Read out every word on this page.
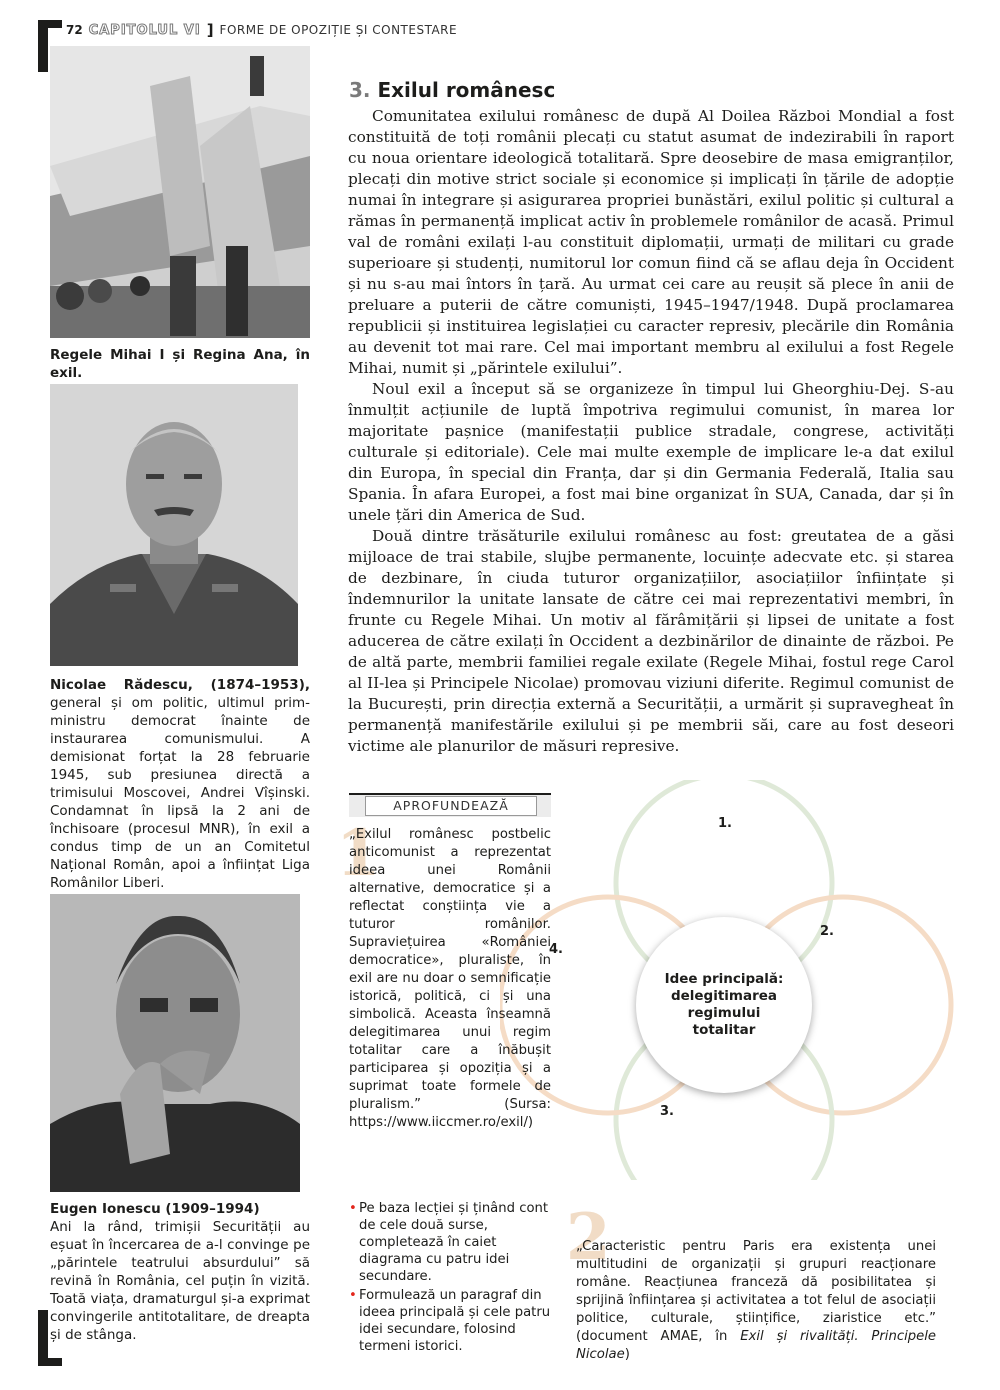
72 CAPITOLUL VI ] FORME DE OPOZIȚIE ȘI CONTESTARE
Regele Mihai I și Regina Ana, în exil.
Nicolae Rădescu, (1874–1953), general și om politic, ultimul prim-ministru democrat înainte de instaurarea comunismului. A demisionat forțat la 28 februarie 1945, sub presiunea directă a trimisului Moscovei, Andrei Vîșinski. Condamnat în lipsă la 2 ani de închisoare (procesul MNR), în exil a condus timp de un an Comitetul Național Român, apoi a înființat Liga Românilor Liberi.
Eugen Ionescu (1909–1994)
Ani la rând, trimișii Securității au eșuat în încercarea de a-l convinge pe „părintele teatrului absurdului” să revină în România, cel puțin în vizită. Toată viața, dramaturgul și-a exprimat convingerile antitotalitare, de dreapta și de stânga.
3. Exilul românesc

Comunitatea exilului românesc de după Al Doilea Război Mondial a fost constituită de toți românii plecați cu statut asumat de indezirabili în raport cu noua orientare ideologică totalitară. Spre deosebire de masa emigranților, plecați din motive strict sociale și economice și implicați în țările de adopție numai în integrare și asigurarea propriei bunăstări, exilul politic și cultural a rămas în permanență implicat activ în problemele românilor de acasă. Primul val de români exilați l-au constituit diplomații, urmați de militari cu grade superioare și studenți, numitorul lor comun fiind că se aflau deja în Occident și nu s-au mai întors în țară. Au urmat cei care au reușit să plece în anii de preluare a puterii de către comuniști, 1945–1947/1948. După proclamarea republicii și instituirea legislației cu caracter represiv, plecările din România au devenit tot mai rare. Cel mai important membru al exilului a fost Regele Mihai, numit și „părintele exilului”.

Noul exil a început să se organizeze în timpul lui Gheorghiu-Dej. S-au înmulțit acțiunile de luptă împotriva regimului comunist, în marea lor majoritate pașnice (manifestații publice stradale, congrese, activități culturale și editoriale). Cele mai multe exemple de implicare le-a dat exilul din Europa, în special din Franța, dar și din Germania Federală, Italia sau Spania. În afara Europei, a fost mai bine organizat în SUA, Canada, dar și în unele țări din America de Sud.

Două dintre trăsăturile exilului românesc au fost: greutatea de a găsi mijloace de trai stabile, slujbe permanente, locuințe adecvate etc. și starea de dezbinare, în ciuda tuturor organizațiilor, asociațiilor înființate și îndemnurilor la unitate lansate de către cei mai reprezentativi membri, în frunte cu Regele Mihai. Un motiv al fărâmițării și lipsei de unitate a fost aducerea de către exilați în Occident a dezbinărilor de dinainte de război. Pe de altă parte, membrii familiei regale exilate (Regele Mihai, fostul rege Carol al II-lea și Principele Nicolae) promovau viziuni diferite. Regimul comunist de la București, prin direcția externă a Securității, a urmărit și supravegheat în permanență manifestările exilului și pe membrii săi, care au fost deseori victime ale planurilor de măsuri represive.

APROFUNDEAZĂ
1
„Exilul românesc postbelic anticomunist a reprezentat ideea unei Românii alternative, democratice și a reflectat conștiința vie a tuturor românilor. Supraviețuirea «României democratice», pluraliste, în exil are nu doar o semnificație istorică, politică, ci și una simbolică. Aceasta înseamnă delegitimarea unui regim totalitar care a înăbușit participarea și opoziția și a suprimat toate formele de pluralism.” (Sursa: https://www.iiccmer.ro/exil/)
• Pe baza lecției și ținând cont de cele două surse, completează în caiet diagrama cu patru idei secundare.
• Formulează un paragraf din ideea principală și cele patru idei secundare, folosind termeni istorici.
2
„Caracteristic pentru Paris era existența unei multitudini de organizații și grupuri reacționare române. Reacțiunea franceză dă posibilitatea și sprijină înființarea și activitatea a tot felul de asociații politice, culturale, științifice, ziaristice etc.” (document AMAE, în Exil și rivalități. Principele Nicolae)
1.
2.
3.
4.
Idee principală: delegitimarea regimului totalitar
